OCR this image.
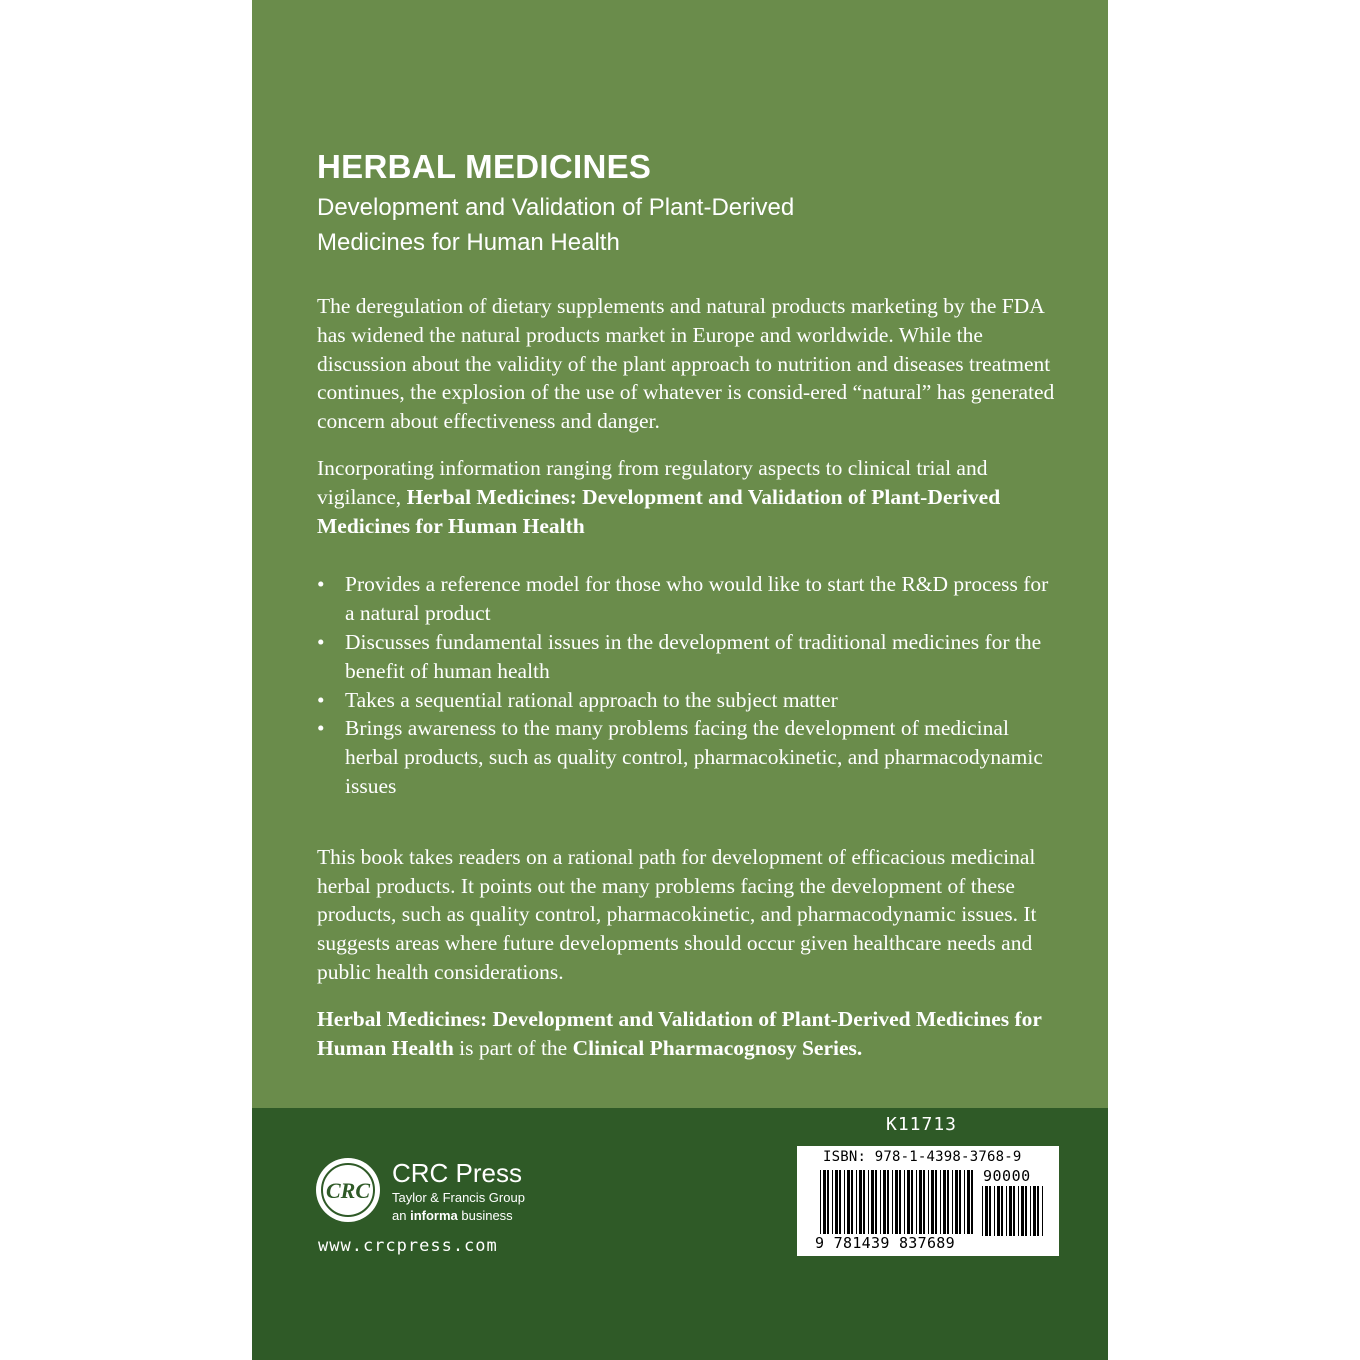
HERBAL MEDICINES
Development and Validation of Plant-Derived Medicines for Human Health

The deregulation of dietary supplements and natural products marketing by the FDA has widened the natural products market in Europe and worldwide. While the discussion about the validity of the plant approach to nutrition and diseases treatment continues, the explosion of the use of whatever is consid-ered “natural” has generated concern about effectiveness and danger.

Incorporating information ranging from regulatory aspects to clinical trial and vigilance, Herbal Medicines: Development and Validation of Plant-Derived Medicines for Human Health

• Provides a reference model for those who would like to start the R&D process for a natural product
• Discusses fundamental issues in the development of traditional medicines for the benefit of human health
• Takes a sequential rational approach to the subject matter
• Brings awareness to the many problems facing the development of medicinal herbal products, such as quality control, pharmacokinetic, and pharmacodynamic issues

This book takes readers on a rational path for development of efficacious medicinal herbal products. It points out the many problems facing the development of these products, such as quality control, pharmacokinetic, and pharmacodynamic issues. It suggests areas where future developments should occur given healthcare needs and public health considerations.

Herbal Medicines: Development and Validation of Plant-Derived Medicines for Human Health is part of the Clinical Pharmacognosy Series.

CRC
CRC Press
Taylor & Francis Group
an informa business
www.crcpress.com
K11713
ISBN: 978-1-4398-3768-9
90000
9 781439 837689
